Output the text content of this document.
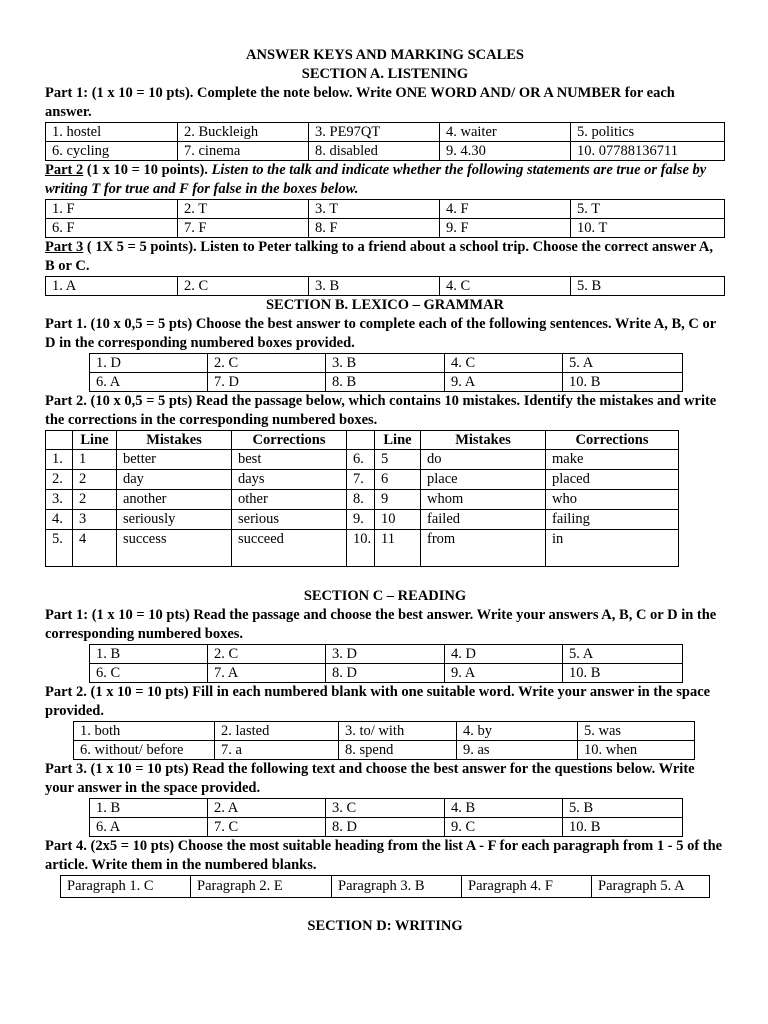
ANSWER KEYS AND MARKING SCALES
SECTION A. LISTENING
Part 1: (1 x 10 = 10 pts). Complete the note below. Write ONE WORD AND/ OR A NUMBER for each answer.
1. hostel	2. Buckleigh	3. PE97QT	4. waiter	5. politics
6. cycling	7. cinema	8. disabled	9. 4.30	10. 07788136711
Part 2 (1 x 10 = 10 points). Listen to the talk and indicate whether the following statements are true or false by writing T for true and F for false in the boxes below.
1. F	2. T	3. T	4. F	5. T
6. F	7. F	8. F	9. F	10. T
Part 3 ( 1X 5 = 5 points). Listen to Peter talking to a friend about a school trip. Choose the correct answer A, B or C.
1. A	2. C	3. B	4. C	5. B
SECTION B. LEXICO – GRAMMAR
Part 1. (10 x 0,5 = 5 pts) Choose the best answer to complete each of the following sentences. Write A, B, C or D in the corresponding numbered boxes provided.
1. D	2. C	3. B	4. C	5. A
6. A	7. D	8. B	9. A	10. B
Part 2. (10 x 0,5 = 5 pts) Read the passage below, which contains 10 mistakes. Identify the mistakes and write the corrections in the corresponding numbered boxes.
	Line	Mistakes	Corrections		Line	Mistakes	Corrections
1.	1	better	best	6.	5	do	make
2.	2	day	days	7.	6	place	placed
3.	2	another	other	8.	9	whom	who
4.	3	seriously	serious	9.	10	failed	failing
5.	4	success	succeed	10.	11	from	in
SECTION C – READING
Part 1: (1 x 10 = 10 pts) Read the passage and choose the best answer. Write your answers A, B, C or D in the corresponding numbered boxes.
1. B	2. C	3. D	4. D	5. A
6. C	7. A	8. D	9. A	10. B
Part 2. (1 x 10 = 10 pts) Fill in each numbered blank with one suitable word. Write your answer in the space provided.
1. both	2. lasted	3. to/ with	4. by	5. was
6. without/ before	7. a	8. spend	9. as	10. when
Part 3. (1 x 10 = 10 pts) Read the following text and choose the best answer for the questions below. Write your answer in the space provided.
1. B	2. A	3. C	4. B	5. B
6. A	7. C	8. D	9. C	10. B
Part 4. (2x5 = 10 pts) Choose the most suitable heading from the list A - F for each paragraph from 1 - 5 of the article. Write them in the numbered blanks.
Paragraph 1. C	Paragraph 2. E	Paragraph 3. B	Paragraph 4. F	Paragraph 5. A
SECTION D: WRITING
